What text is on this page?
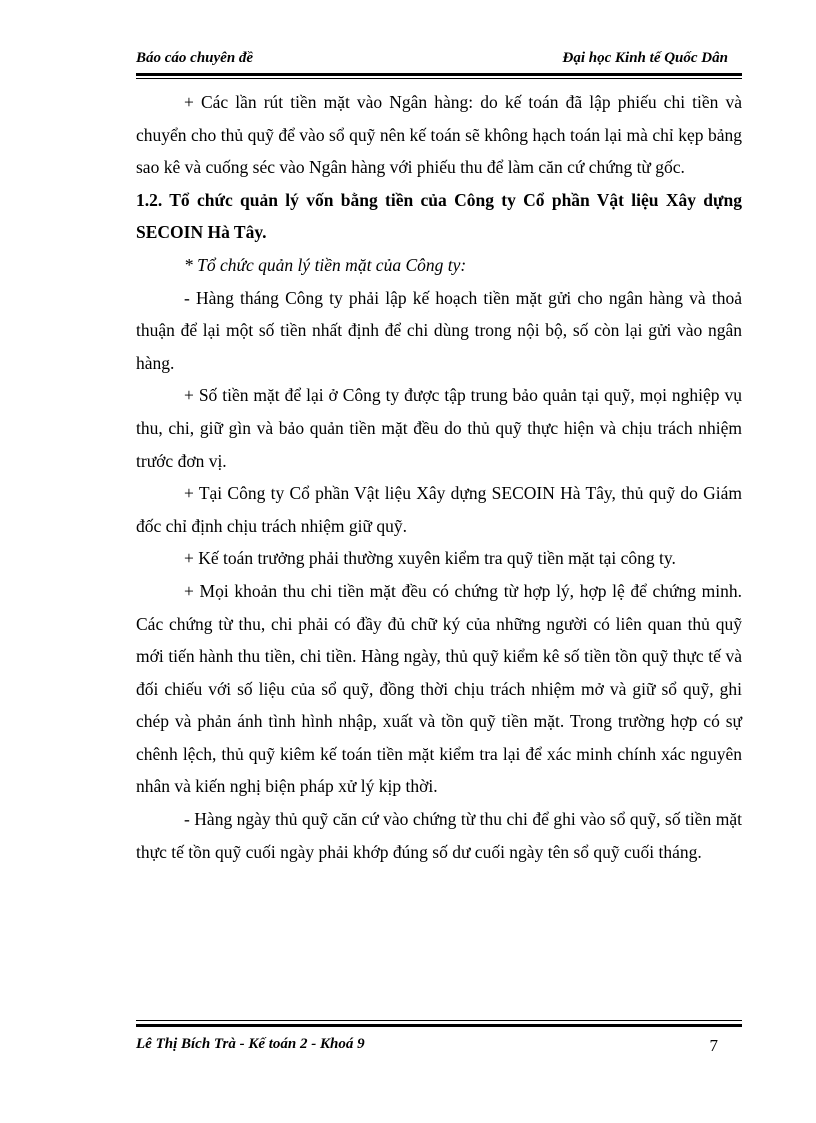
Báo cáo chuyên đề	Đại học Kinh tế Quốc Dân

+ Các lần rút tiền mặt vào Ngân hàng: do kế toán đã lập phiếu chi tiền và chuyển cho thủ quỹ để vào sổ quỹ nên kế toán sẽ không hạch toán lại mà chỉ kẹp bảng sao kê và cuống séc vào Ngân hàng với phiếu thu để làm căn cứ chứng từ gốc.

1.2. Tổ chức quản lý vốn bằng tiền của Công ty Cổ phần Vật liệu Xây dựng SECOIN Hà Tây.

* Tổ chức quản lý tiền mặt của Công ty:

- Hàng tháng Công ty phải lập kế hoạch tiền mặt gửi cho ngân hàng và thoả thuận để lại một số tiền nhất định để chi dùng trong nội bộ, số còn lại gửi vào ngân hàng.

+ Số tiền mặt để lại ở Công ty được tập trung bảo quản tại quỹ, mọi nghiệp vụ thu, chi, giữ gìn và bảo quản tiền mặt đều do thủ quỹ thực hiện và chịu trách nhiệm trước đơn vị.

+ Tại Công ty Cổ phần Vật liệu Xây dựng SECOIN Hà Tây, thủ quỹ do Giám đốc chỉ định chịu trách nhiệm giữ quỹ.

+ Kế toán trưởng phải thường xuyên kiểm tra quỹ tiền mặt tại công ty.

+ Mọi khoản thu chi tiền mặt đều có chứng từ hợp lý, hợp lệ để chứng minh. Các chứng từ thu, chi phải có đầy đủ chữ ký của những người có liên quan thủ quỹ mới tiến hành thu tiền, chi tiền. Hàng ngày, thủ quỹ kiểm kê số tiền tồn quỹ thực tế và đối chiếu với số liệu của sổ quỹ, đồng thời chịu trách nhiệm mở và giữ sổ quỹ, ghi chép và phản ánh tình hình nhập, xuất và tồn quỹ tiền mặt. Trong trường hợp có sự chênh lệch, thủ quỹ kiêm kế toán tiền mặt kiểm tra lại để xác minh chính xác nguyên nhân và kiến nghị biện pháp xử lý kịp thời.

- Hàng ngày thủ quỹ căn cứ vào chứng từ thu chi để ghi vào sổ quỹ, số tiền mặt thực tế tồn quỹ cuối ngày phải khớp đúng số dư cuối ngày tên sổ quỹ cuối tháng.

Lê Thị Bích Trà - Kế toán 2 - Khoá 9	7
